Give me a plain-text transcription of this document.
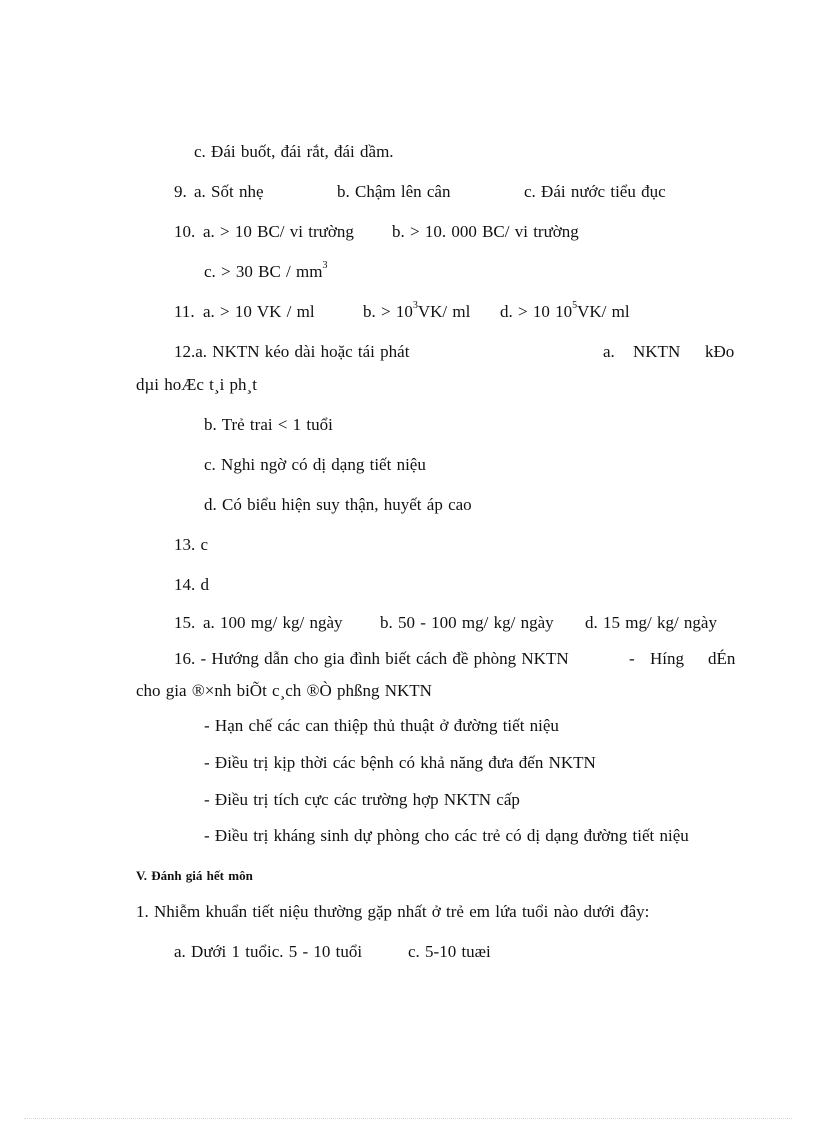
c. Đái buốt, đái rắt, đái dầm.
9. a. Sốt nhẹ	b. Chậm lên cân	c. Đái nước tiểu đục
10. a. > 10 BC/ vi trường b. > 10. 000 BC/ vi trường
c. > 30 BC / $mm^3$
11. a. > 10 VK / ml	b. > $10^3VK/$ ml d. > 10 $10^5VK/$ ml
12.a. NKTN kéo dài hoặc tái phát	a. NKTN kÐo
dµi hoÆc t¸i ph¸t
b. Trẻ trai < 1 tuổi
c. Nghi ngờ có dị dạng tiết niệu
d. Có biểu hiện suy thận, huyết áp cao
13. c
14. d
15. a. 100 mg/ kg/ ngày b. 50 - 100 mg/ kg/ ngày d. 15 mg/ kg/ ngày
16. - Hướng dẫn cho gia đình biết cách đề phòng NKTN	- Híng dÉn
cho gia ®×nh biÕt c¸ch ®Ò phßng NKTN
- Hạn chế các can thiệp thủ thuật ở đường tiết niệu
- Điều trị kịp thời các bệnh có khả năng đưa đến NKTN
- Điều trị tích cực các trường hợp NKTN cấp
- Điều trị kháng sinh dự phòng cho các trẻ có dị dạng đường tiết niệu
V. Đánh giá hết môn
1. Nhiễm khuẩn tiết niệu thường gặp nhất ở trẻ em lứa tuổi nào dưới đây:
a. Dưới 1 tuổic. 5 - 10 tuổi	c. 5-10 tuæi
